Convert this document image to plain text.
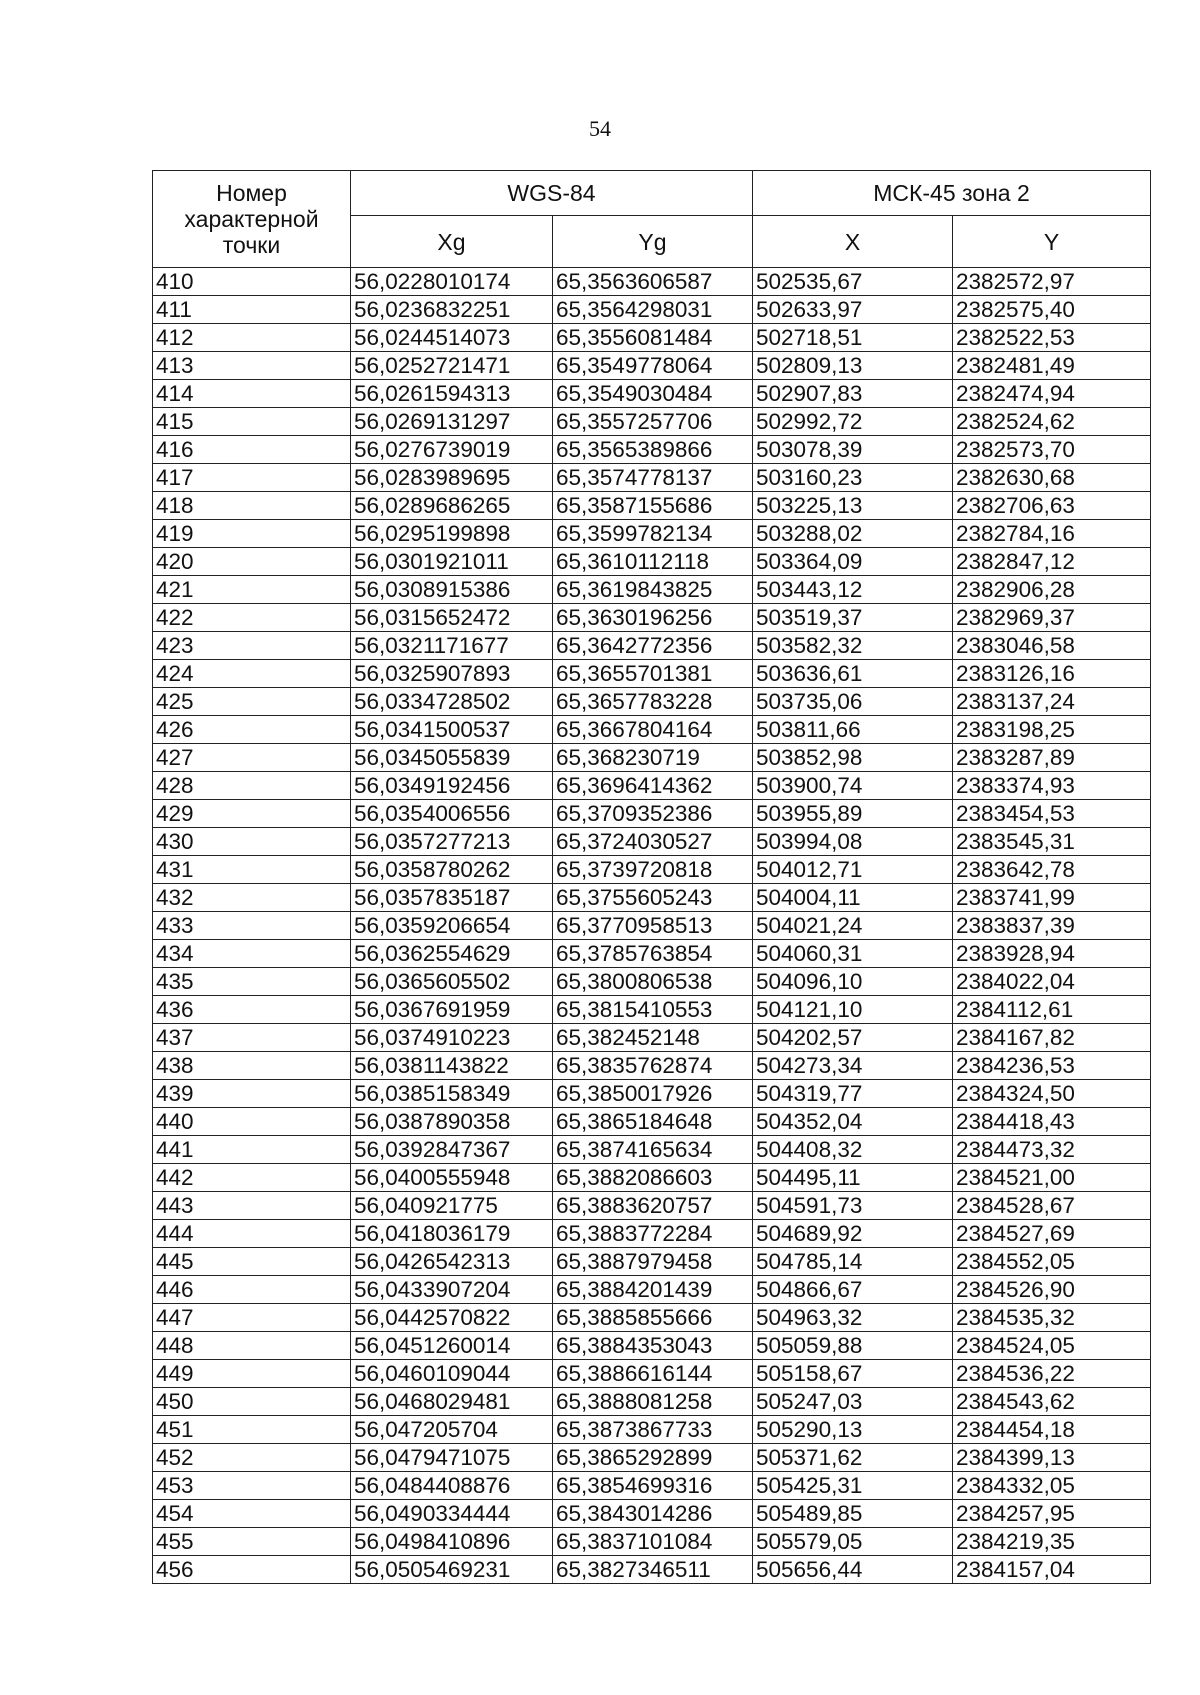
54
Номер характерной точки	WGS-84		МСК-45 зона 2	
	Xg	Yg	X	Y
410	56,0228010174	65,3563606587	502535,67	2382572,97
411	56,0236832251	65,3564298031	502633,97	2382575,40
412	56,0244514073	65,3556081484	502718,51	2382522,53
413	56,0252721471	65,3549778064	502809,13	2382481,49
414	56,0261594313	65,3549030484	502907,83	2382474,94
415	56,0269131297	65,3557257706	502992,72	2382524,62
416	56,0276739019	65,3565389866	503078,39	2382573,70
417	56,0283989695	65,3574778137	503160,23	2382630,68
418	56,0289686265	65,3587155686	503225,13	2382706,63
419	56,0295199898	65,3599782134	503288,02	2382784,16
420	56,0301921011	65,3610112118	503364,09	2382847,12
421	56,0308915386	65,3619843825	503443,12	2382906,28
422	56,0315652472	65,3630196256	503519,37	2382969,37
423	56,0321171677	65,3642772356	503582,32	2383046,58
424	56,0325907893	65,3655701381	503636,61	2383126,16
425	56,0334728502	65,3657783228	503735,06	2383137,24
426	56,0341500537	65,3667804164	503811,66	2383198,25
427	56,0345055839	65,368230719	503852,98	2383287,89
428	56,0349192456	65,3696414362	503900,74	2383374,93
429	56,0354006556	65,3709352386	503955,89	2383454,53
430	56,0357277213	65,3724030527	503994,08	2383545,31
431	56,0358780262	65,3739720818	504012,71	2383642,78
432	56,0357835187	65,3755605243	504004,11	2383741,99
433	56,0359206654	65,3770958513	504021,24	2383837,39
434	56,0362554629	65,3785763854	504060,31	2383928,94
435	56,0365605502	65,3800806538	504096,10	2384022,04
436	56,0367691959	65,3815410553	504121,10	2384112,61
437	56,0374910223	65,382452148	504202,57	2384167,82
438	56,0381143822	65,3835762874	504273,34	2384236,53
439	56,0385158349	65,3850017926	504319,77	2384324,50
440	56,0387890358	65,3865184648	504352,04	2384418,43
441	56,0392847367	65,3874165634	504408,32	2384473,32
442	56,0400555948	65,3882086603	504495,11	2384521,00
443	56,040921775	65,3883620757	504591,73	2384528,67
444	56,0418036179	65,3883772284	504689,92	2384527,69
445	56,0426542313	65,3887979458	504785,14	2384552,05
446	56,0433907204	65,3884201439	504866,67	2384526,90
447	56,0442570822	65,3885855666	504963,32	2384535,32
448	56,0451260014	65,3884353043	505059,88	2384524,05
449	56,0460109044	65,3886616144	505158,67	2384536,22
450	56,0468029481	65,3888081258	505247,03	2384543,62
451	56,047205704	65,3873867733	505290,13	2384454,18
452	56,0479471075	65,3865292899	505371,62	2384399,13
453	56,0484408876	65,3854699316	505425,31	2384332,05
454	56,0490334444	65,3843014286	505489,85	2384257,95
455	56,0498410896	65,3837101084	505579,05	2384219,35
456	56,0505469231	65,3827346511	505656,44	2384157,04
